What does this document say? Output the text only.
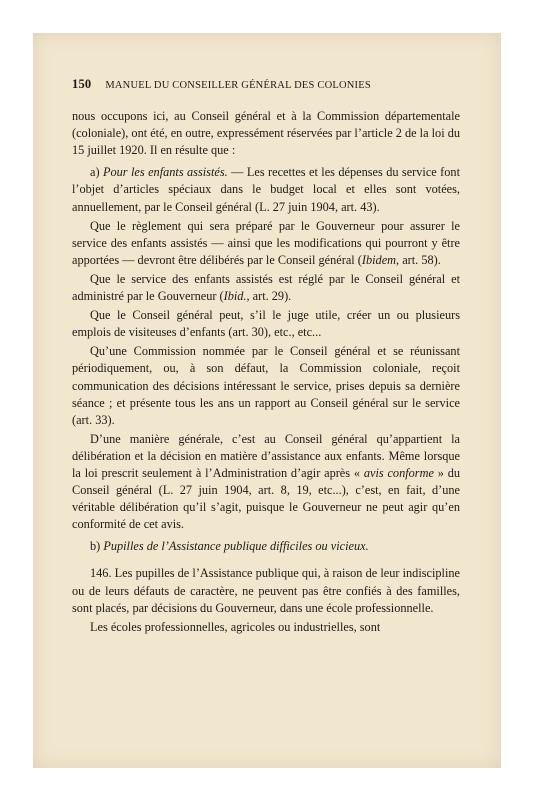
150 MANUEL DU CONSEILLER GÉNÉRAL DES COLONIES

nous occupons ici, au Conseil général et à la Commission départementale (coloniale), ont été, en outre, expressément réservées par l’article 2 de la loi du 15 juillet 1920. Il en résulte que :

a) Pour les enfants assistés. — Les recettes et les dépenses du service font l’objet d’articles spéciaux dans le budget local et elles sont votées, annuellement, par le Conseil général (L. 27 juin 1904, art. 43).

Que le règlement qui sera préparé par le Gouverneur pour assurer le service des enfants assistés — ainsi que les modifications qui pourront y être apportées — devront être délibérés par le Conseil général (Ibidem, art. 58).

Que le service des enfants assistés est réglé par le Conseil général et administré par le Gouverneur (Ibid., art. 29).

Que le Conseil général peut, s’il le juge utile, créer un ou plusieurs emplois de visiteuses d’enfants (art. 30), etc., etc...

Qu’une Commission nommée par le Conseil général et se réunissant périodiquement, ou, à son défaut, la Commission coloniale, reçoit communication des décisions intéressant le service, prises depuis sa dernière séance ; et présente tous les ans un rapport au Conseil général sur le service (art. 33).

D’une manière générale, c’est au Conseil général qu’appartient la délibération et la décision en matière d’assistance aux enfants. Même lorsque la loi prescrit seulement à l’Administration d’agir après « avis conforme » du Conseil général (L. 27 juin 1904, art. 8, 19, etc...), c’est, en fait, d’une véritable délibération qu’il s’agit, puisque le Gouverneur ne peut agir qu’en conformité de cet avis.

b) Pupilles de l’Assistance publique difficiles ou vicieux.

146. Les pupilles de l’Assistance publique qui, à raison de leur indiscipline ou de leurs défauts de caractère, ne peuvent pas être confiés à des familles, sont placés, par décisions du Gouverneur, dans une école professionnelle.

Les écoles professionnelles, agricoles ou industrielles, sont
